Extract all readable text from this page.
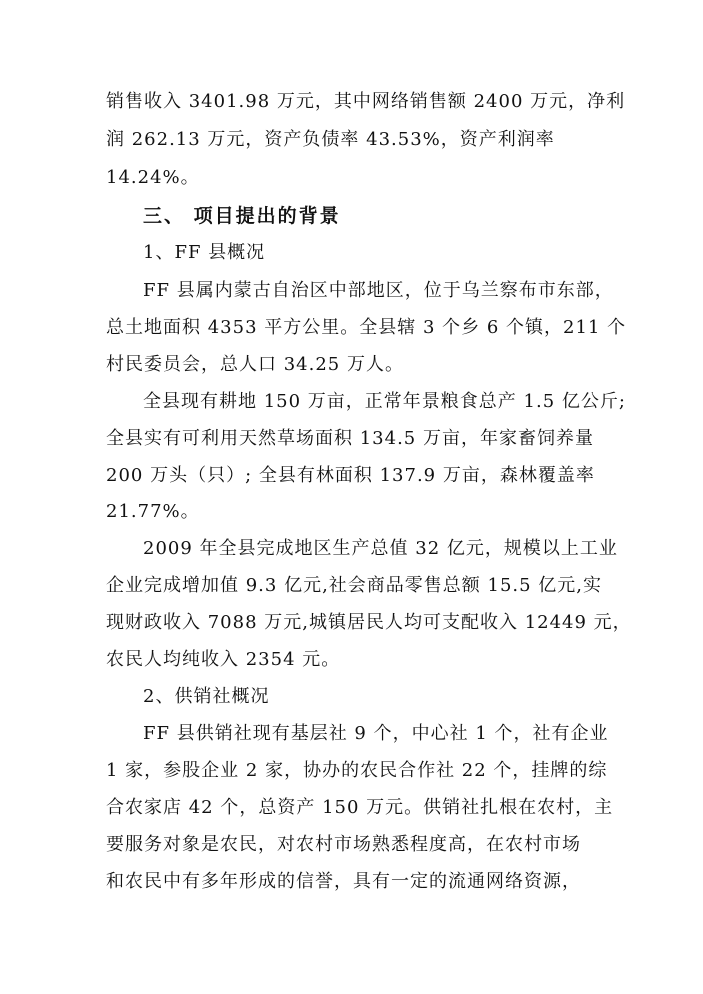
销售收入 3401.98 万元，其中网络销售额 2400 万元，净利
润 262.13 万元，资产负债率 43.53%，资产利润率
14.24%。
三、 项目提出的背景
1、FF 县概况
FF 县属内蒙古自治区中部地区，位于乌兰察布市东部，
总土地面积 4353 平方公里。全县辖 3 个乡 6 个镇，211 个
村民委员会，总人口 34.25 万人。
全县现有耕地 150 万亩，正常年景粮食总产 1.5 亿公斤;
全县实有可利用天然草场面积 134.5 万亩，年家畜饲养量
200 万头（只）; 全县有林面积 137.9 万亩，森林覆盖率
21.77%。
2009 年全县完成地区生产总值 32 亿元，规模以上工业
企业完成增加值 9.3 亿元,社会商品零售总额 15.5 亿元,实
现财政收入 7088 万元,城镇居民人均可支配收入 12449 元，
农民人均纯收入 2354 元。
2、供销社概况
FF 县供销社现有基层社 9 个，中心社 1 个，社有企业
1 家，参股企业 2 家，协办的农民合作社 22 个，挂牌的综
合农家店 42 个，总资产 150 万元。供销社扎根在农村，主
要服务对象是农民，对农村市场熟悉程度高，在农村市场
和农民中有多年形成的信誉，具有一定的流通网络资源，
